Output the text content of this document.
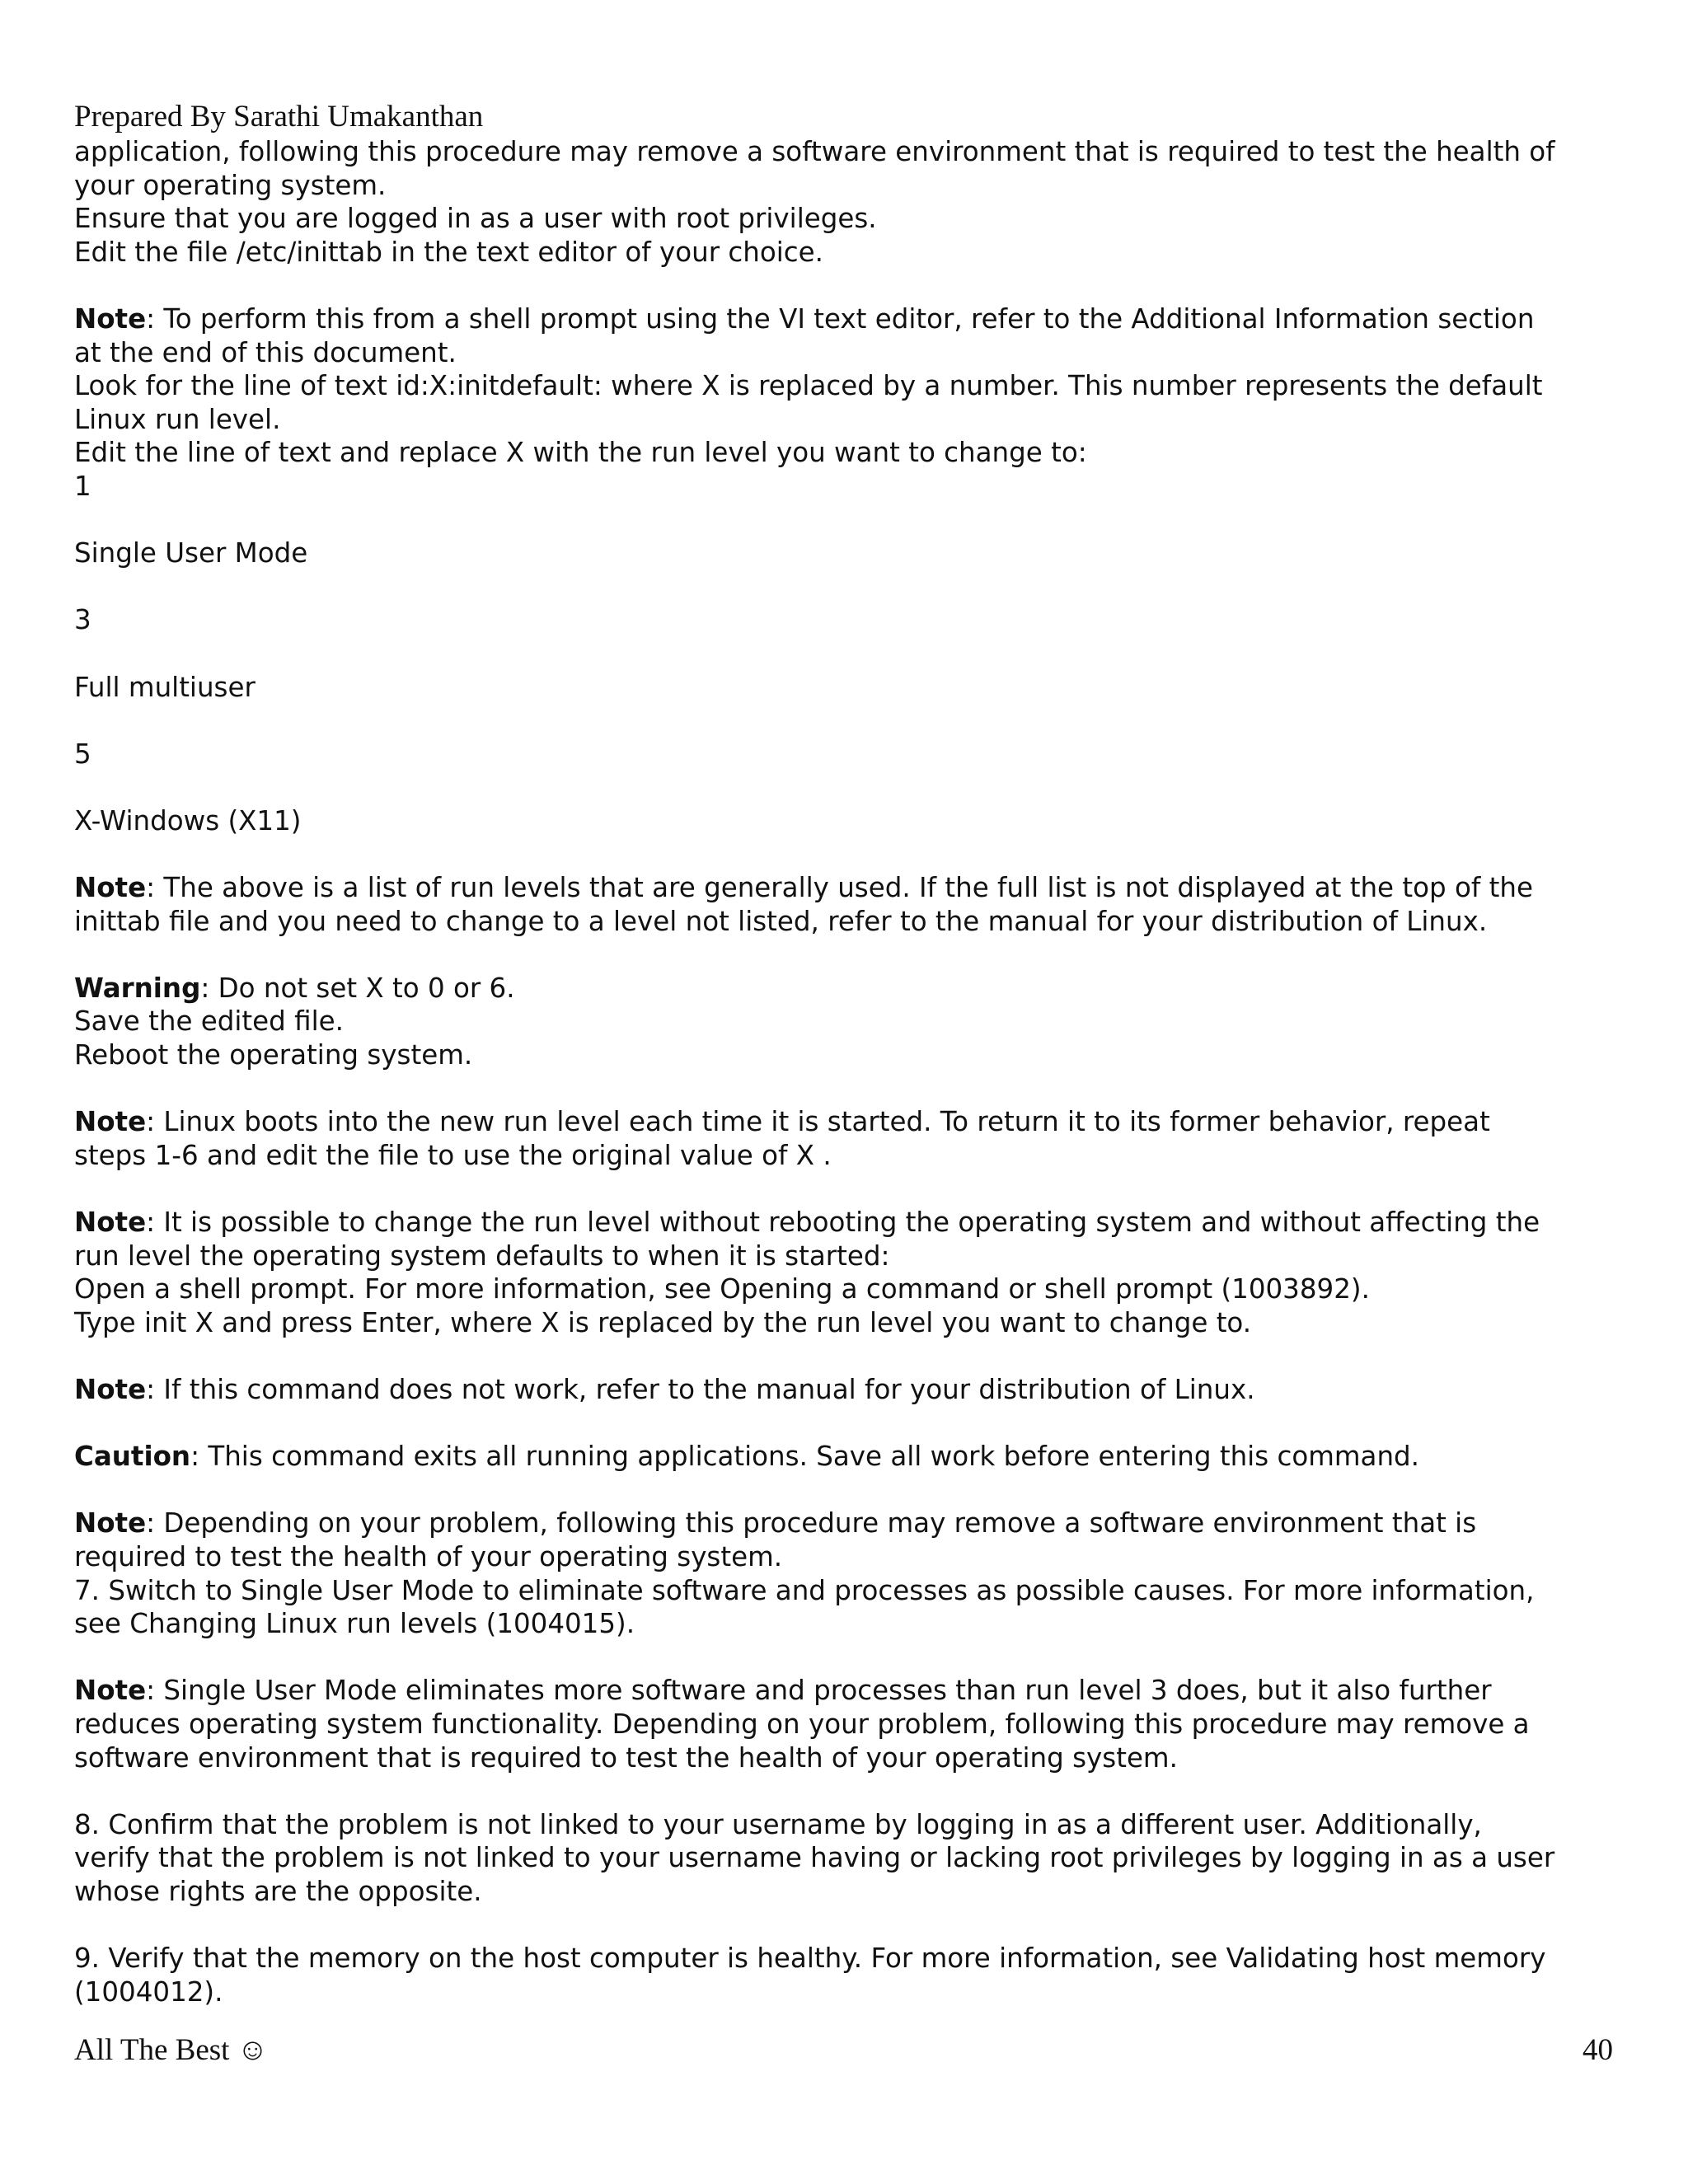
Prepared By Sarathi Umakanthan
application, following this procedure may remove a software environment that is required to test the health of
your operating system.
Ensure that you are logged in as a user with root privileges.
Edit the file /etc/inittab in the text editor of your choice.
Note: To perform this from a shell prompt using the VI text editor, refer to the Additional Information section
at the end of this document.
Look for the line of text id:X:initdefault: where X is replaced by a number. This number represents the default
Linux run level.
Edit the line of text and replace X with the run level you want to change to:
1
Single User Mode
3
Full multiuser
5
X-Windows (X11)
Note: The above is a list of run levels that are generally used. If the full list is not displayed at the top of the
inittab file and you need to change to a level not listed, refer to the manual for your distribution of Linux.
Warning: Do not set X to 0 or 6.
Save the edited file.
Reboot the operating system.
Note: Linux boots into the new run level each time it is started. To return it to its former behavior, repeat
steps 1-6 and edit the file to use the original value of X .
Note: It is possible to change the run level without rebooting the operating system and without affecting the
run level the operating system defaults to when it is started:
Open a shell prompt. For more information, see Opening a command or shell prompt (1003892).
Type init X and press Enter, where X is replaced by the run level you want to change to.
Note: If this command does not work, refer to the manual for your distribution of Linux.
Caution: This command exits all running applications. Save all work before entering this command.
Note: Depending on your problem, following this procedure may remove a software environment that is
required to test the health of your operating system.
7. Switch to Single User Mode to eliminate software and processes as possible causes. For more information,
see Changing Linux run levels (1004015).
Note: Single User Mode eliminates more software and processes than run level 3 does, but it also further
reduces operating system functionality. Depending on your problem, following this procedure may remove a
software environment that is required to test the health of your operating system.
8. Confirm that the problem is not linked to your username by logging in as a different user. Additionally,
verify that the problem is not linked to your username having or lacking root privileges by logging in as a user
whose rights are the opposite.
9. Verify that the memory on the host computer is healthy. For more information, see Validating host memory
(1004012).
All The Best ☺	40
